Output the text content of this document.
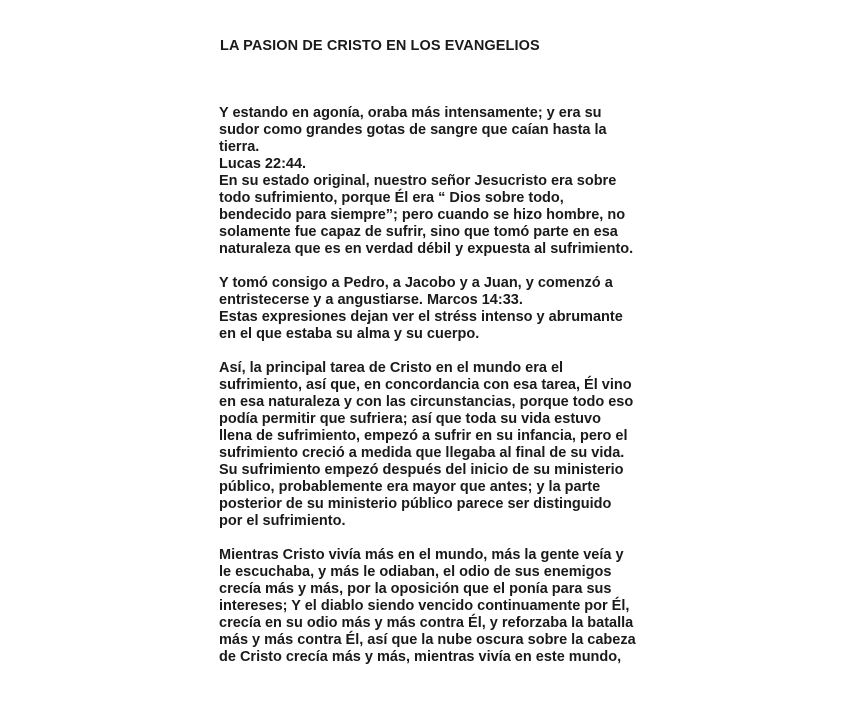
LA PASION DE CRISTO EN LOS EVANGELIOS
Y estando en agonía, oraba más intensamente; y era su
sudor como grandes gotas de sangre que caían hasta la
tierra.
Lucas 22:44.
En su estado original, nuestro señor Jesucristo era sobre
todo sufrimiento, porque Él era “ Dios sobre todo,
bendecido para siempre”; pero cuando se hizo hombre, no
solamente fue capaz de sufrir, sino que tomó parte en esa
naturaleza que es en verdad débil y expuesta al sufrimiento.
Y tomó consigo a Pedro, a Jacobo y a Juan, y comenzó a
entristecerse y a angustiarse. Marcos 14:33.
Estas expresiones dejan ver el stréss intenso y abrumante
en el que estaba su alma y su cuerpo.
Así, la principal tarea de Cristo en el mundo era el
sufrimiento, así que, en concordancia con esa tarea, Él vino
en esa naturaleza y con las circunstancias, porque todo eso
podía permitir que sufriera; así que toda su vida estuvo
llena de sufrimiento, empezó a sufrir en su infancia, pero el
sufrimiento creció a medida que llegaba al final de su vida.
Su sufrimiento empezó después del inicio de su ministerio
público, probablemente era mayor que antes; y la parte
posterior de su ministerio público parece ser distinguido
por el sufrimiento.
Mientras Cristo vivía más en el mundo, más la gente veía y
le escuchaba, y más le odiaban, el odio de sus enemigos
crecía más y más, por la oposición que el ponía para sus
intereses; Y el diablo siendo vencido continuamente por Él,
crecía en su odio más y más contra Él, y reforzaba la batalla
más y más contra Él, así que la nube oscura sobre la cabeza
de Cristo crecía más y más, mientras vivía en este mundo,
